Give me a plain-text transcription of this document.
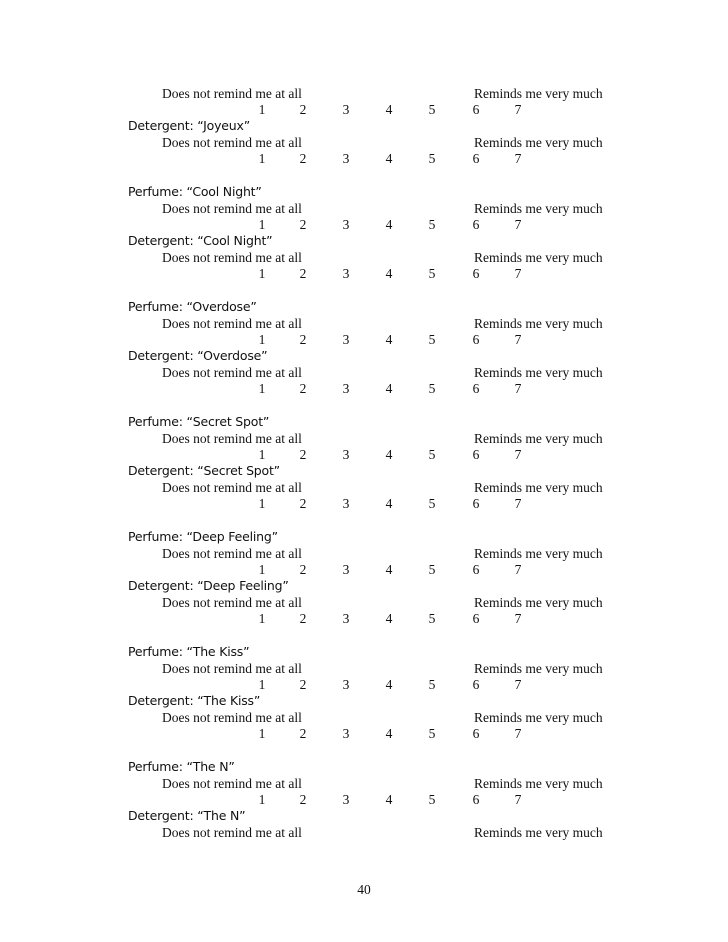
Does not remind me at all	Reminds me very much
1	2	3	4	5	6	7
Detergent: “Joyeux”
Does not remind me at all	Reminds me very much
1	2	3	4	5	6	7
Perfume: “Cool Night”
Does not remind me at all	Reminds me very much
1	2	3	4	5	6	7
Detergent: “Cool Night”
Does not remind me at all	Reminds me very much
1	2	3	4	5	6	7
Perfume: “Overdose”
Does not remind me at all	Reminds me very much
1	2	3	4	5	6	7
Detergent: “Overdose”
Does not remind me at all	Reminds me very much
1	2	3	4	5	6	7
Perfume: “Secret Spot”
Does not remind me at all	Reminds me very much
1	2	3	4	5	6	7
Detergent: “Secret Spot”
Does not remind me at all	Reminds me very much
1	2	3	4	5	6	7
Perfume: “Deep Feeling”
Does not remind me at all	Reminds me very much
1	2	3	4	5	6	7
Detergent: “Deep Feeling”
Does not remind me at all	Reminds me very much
1	2	3	4	5	6	7
Perfume: “The Kiss”
Does not remind me at all	Reminds me very much
1	2	3	4	5	6	7
Detergent: “The Kiss”
Does not remind me at all	Reminds me very much
1	2	3	4	5	6	7
Perfume: “The N”
Does not remind me at all	Reminds me very much
1	2	3	4	5	6	7
Detergent: “The N”
Does not remind me at all	Reminds me very much
40
